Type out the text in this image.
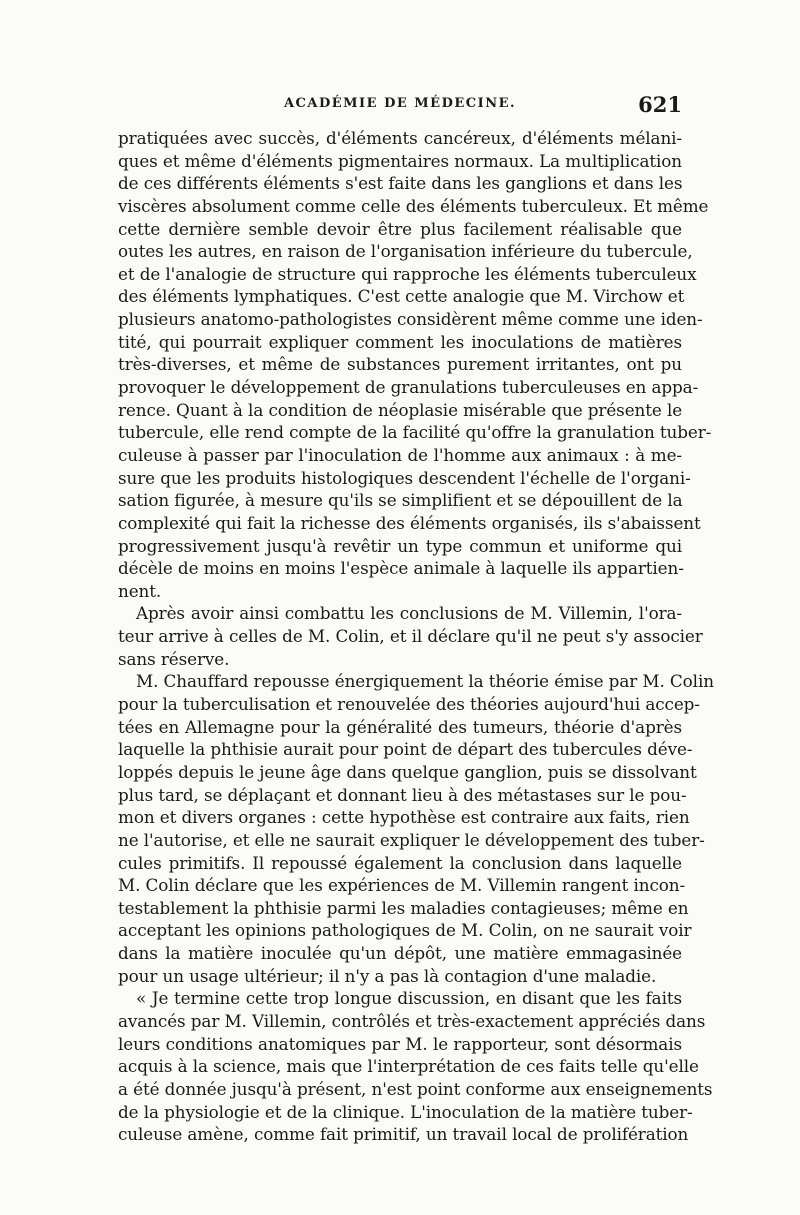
ACADÉMIE DE MÉDECINE.	621
pratiquées avec succès, d'éléments cancéreux, d'éléments mélani-
ques et même d'éléments pigmentaires normaux. La multiplication
de ces différents éléments s'est faite dans les ganglions et dans les
viscères absolument comme celle des éléments tuberculeux. Et même
cette dernière semble devoir être plus facilement réalisable que
outes les autres, en raison de l'organisation inférieure du tubercule,
et de l'analogie de structure qui rapproche les éléments tuberculeux
des éléments lymphatiques. C'est cette analogie que M. Virchow et
plusieurs anatomo-pathologistes considèrent même comme une iden-
tité, qui pourrait expliquer comment les inoculations de matières
très-diverses, et même de substances purement irritantes, ont pu
provoquer le développement de granulations tuberculeuses en appa-
rence. Quant à la condition de néoplasie misérable que présente le
tubercule, elle rend compte de la facilité qu'offre la granulation tuber-
culeuse à passer par l'inoculation de l'homme aux animaux : à me-
sure que les produits histologiques descendent l'échelle de l'organi-
sation figurée, à mesure qu'ils se simplifient et se dépouillent de la
complexité qui fait la richesse des éléments organisés, ils s'abaissent
progressivement jusqu'à revêtir un type commun et uniforme qui
décèle de moins en moins l'espèce animale à laquelle ils appartien-
nent.
Après avoir ainsi combattu les conclusions de M. Villemin, l'ora-
teur arrive à celles de M. Colin, et il déclare qu'il ne peut s'y associer
sans réserve.
M. Chauffard repousse énergiquement la théorie émise par M. Colin
pour la tuberculisation et renouvelée des théories aujourd'hui accep-
tées en Allemagne pour la généralité des tumeurs, théorie d'après
laquelle la phthisie aurait pour point de départ des tubercules déve-
loppés depuis le jeune âge dans quelque ganglion, puis se dissolvant
plus tard, se déplaçant et donnant lieu à des métastases sur le pou-
mon et divers organes : cette hypothèse est contraire aux faits, rien
ne l'autorise, et elle ne saurait expliquer le développement des tuber-
cules primitifs. Il repoussé également la conclusion dans laquelle
M. Colin déclare que les expériences de M. Villemin rangent incon-
testablement la phthisie parmi les maladies contagieuses; même en
acceptant les opinions pathologiques de M. Colin, on ne saurait voir
dans la matière inoculée qu'un dépôt, une matière emmagasinée
pour un usage ultérieur; il n'y a pas là contagion d'une maladie.
« Je termine cette trop longue discussion, en disant que les faits
avancés par M. Villemin, contrôlés et très-exactement appréciés dans
leurs conditions anatomiques par M. le rapporteur, sont désormais
acquis à la science, mais que l'interprétation de ces faits telle qu'elle
a été donnée jusqu'à présent, n'est point conforme aux enseignements
de la physiologie et de la clinique. L'inoculation de la matière tuber-
culeuse amène, comme fait primitif, un travail local de prolifération
